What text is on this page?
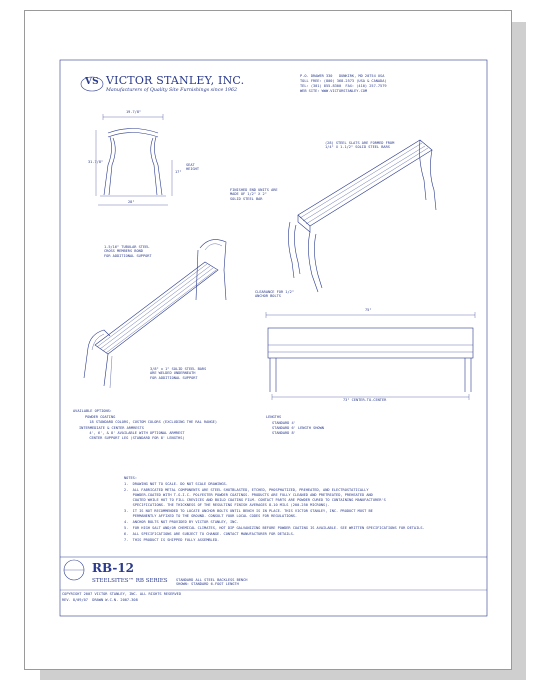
VS VICTOR STANLEY, INC.
Manufacturers of Quality Site Furnishings since 1962
P.O. DRAWER 330   DUNKIRK, MD 20754 USA
TOLL FREE: (800) 368-2573 (USA & CANADA)
TEL: (301) 855-8300  FAX: (410) 257-7579
WEB SITE: WWW.VICTORSTANLEY.COM
19-7/8"
31-7/8"
17"
SEAT
HEIGHT
28"
75"
73" CENTER-TO-CENTER
(28) STEEL SLATS ARE FORMED FROM
1/4" X 1-1/2" SOLID STEEL BARS
FINISHED END UNITS ARE
MADE OF 1/2" X 2"
SOLID STEEL BAR
1-5/16" TUBULAR STEEL
CROSS MEMBERS BOND
FOR ADDITIONAL SUPPORT
CLEARANCE FOR 1/2"
ANCHOR BOLTS
3/8" x 1" SOLID STEEL BARS
ARE WELDED UNDERNEATH
FOR ADDITIONAL SUPPORT
AVAILABLE OPTIONS:
POWDER COATING
18 STANDARD COLORS, CUSTOM COLORS (EXCLUDING THE RAL RANGE)
INTERMEDIATE & CENTER ARMRESTS
4', 6', & 8' AVAILABLE WITH OPTIONAL ARMREST
CENTER SUPPORT LEG (STANDARD FOR 8' LENGTHS)
LENGTHS
STANDARD 4'
STANDARD 6' LENGTH SHOWN
STANDARD 8'
NOTES:
1.  DRAWING NOT TO SCALE. DO NOT SCALE DRAWINGS.
2.  ALL FABRICATED METAL COMPONENTS ARE STEEL SHOTBLASTED, ETCHED, PHOSPHATIZED, PREHEATED, AND ELECTROSTATICALLY
POWDER-COATED WITH T.G.I.C. POLYESTER POWDER COATINGS. PRODUCTS ARE FULLY CLEANED AND PRETREATED, PREHEATED AND
COATED WHILE HOT TO FILL CREVICES AND BUILD COATING FILM. CONTACT PARTS ARE POWDER CURED TO CONTAINING MANUFACTURER'S
SPECIFICATIONS. THE THICKNESS OF THE RESULTING FINISH AVERAGES 8-10 MILS (200-250 MICRONS).
3.  IT IS NOT RECOMMENDED TO LOCATE ANCHOR BOLTS UNTIL BENCH IS IN PLACE. THIS VICTOR STANLEY, INC. PRODUCT MUST BE
PERMANENTLY AFFIXED TO THE GROUND. CONSULT YOUR LOCAL CODES FOR REGULATIONS.
4.  ANCHOR BOLTS NOT PROVIDED BY VICTOR STANLEY, INC.
5.  FOR HIGH SALT AND/OR CHEMICAL CLIMATES, HOT DIP GALVANIZING BEFORE POWDER COATING IS AVAILABLE. SEE WRITTEN SPECIFICATIONS FOR DETAILS.
6.  ALL SPECIFICATIONS ARE SUBJECT TO CHANGE. CONTACT MANUFACTURER FOR DETAILS.
7.  THIS PRODUCT IS SHIPPED FULLY ASSEMBLED.
RB-12
STEELSITES™ RB SERIES STANDARD ALL STEEL BACKLESS BENCH
SHOWN: STANDARD 6-FOOT LENGTH
COPYRIGHT 2007 VICTOR STANLEY, INC. ALL RIGHTS RESERVED
REV. 8/09/07  DRAWN W.C.N. 2007-308
